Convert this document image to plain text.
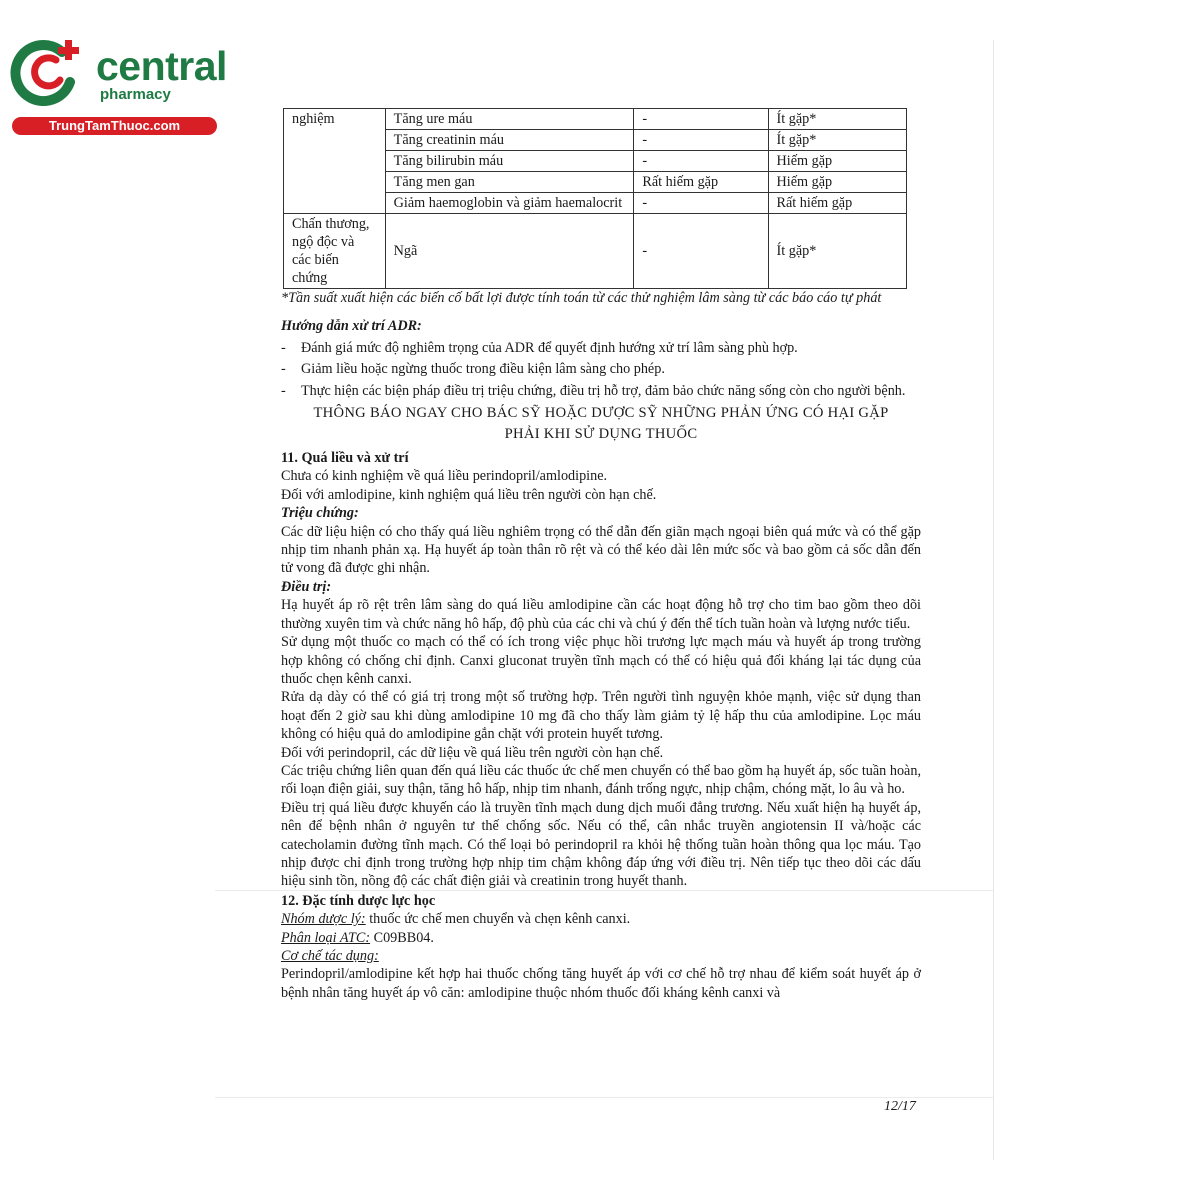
central
pharmacy
TrungTamThuoc.com	nghiệm	Tăng ure máu	-	Ít gặp*
	Tăng creatinin máu	-	Ít gặp*
	Tăng bilirubin máu	-	Hiếm gặp
	Tăng men gan	Rất hiếm gặp	Hiếm gặp
	Giảm haemoglobin và giảm haemalocrit	-	Rất hiếm gặp
Chấn thương, ngộ độc và các biến chứng	Ngã	-	Ít gặp*

*Tần suất xuất hiện các biến cố bất lợi được tính toán từ các thử nghiệm lâm sàng từ các báo cáo tự phát

Hướng dẫn xử trí ADR:
- Đánh giá mức độ nghiêm trọng của ADR để quyết định hướng xử trí lâm sàng phù hợp.
- Giảm liều hoặc ngừng thuốc trong điều kiện lâm sàng cho phép.
- Thực hiện các biện pháp điều trị triệu chứng, điều trị hỗ trợ, đảm bảo chức năng sống còn cho người bệnh.
THÔNG BÁO NGAY CHO BÁC SỸ HOẶC DƯỢC SỸ NHỮNG PHẢN ỨNG CÓ HẠI GẶP
PHẢI KHI SỬ DỤNG THUỐC
11. Quá liều và xử trí

Chưa có kinh nghiệm về quá liều perindopril/amlodipine.

Đối với amlodipine, kinh nghiệm quá liều trên người còn hạn chế.

Triệu chứng:

Các dữ liệu hiện có cho thấy quá liều nghiêm trọng có thể dẫn đến giãn mạch ngoại biên quá mức và có thể gặp nhịp tim nhanh phản xạ. Hạ huyết áp toàn thân rõ rệt và có thể kéo dài lên mức sốc và bao gồm cả sốc dẫn đến tử vong đã được ghi nhận.

Điều trị:

Hạ huyết áp rõ rệt trên lâm sàng do quá liều amlodipine cần các hoạt động hỗ trợ cho tim bao gồm theo dõi thường xuyên tim và chức năng hô hấp, độ phù của các chi và chú ý đến thể tích tuần hoàn và lượng nước tiểu.

Sử dụng một thuốc co mạch có thể có ích trong việc phục hồi trương lực mạch máu và huyết áp trong trường hợp không có chống chỉ định. Canxi gluconat truyền tĩnh mạch có thể có hiệu quả đối kháng lại tác dụng của thuốc chẹn kênh canxi.

Rửa dạ dày có thể có giá trị trong một số trường hợp. Trên người tình nguyện khỏe mạnh, việc sử dụng than hoạt đến 2 giờ sau khi dùng amlodipine 10 mg đã cho thấy làm giảm tỷ lệ hấp thu của amlodipine. Lọc máu không có hiệu quả do amlodipine gắn chặt với protein huyết tương.

Đối với perindopril, các dữ liệu về quá liều trên người còn hạn chế.

Các triệu chứng liên quan đến quá liều các thuốc ức chế men chuyển có thể bao gồm hạ huyết áp, sốc tuần hoàn, rối loạn điện giải, suy thận, tăng hô hấp, nhịp tim nhanh, đánh trống ngực, nhịp chậm, chóng mặt, lo âu và ho.

Điều trị quá liều được khuyến cáo là truyền tĩnh mạch dung dịch muối đẳng trương. Nếu xuất hiện hạ huyết áp, nên để bệnh nhân ở nguyên tư thế chống sốc. Nếu có thể, cân nhắc truyền angiotensin II và/hoặc các catecholamin đường tĩnh mạch. Có thể loại bỏ perindopril ra khỏi hệ thống tuần hoàn thông qua lọc máu. Tạo nhịp được chỉ định trong trường hợp nhịp tim chậm không đáp ứng với điều trị. Nên tiếp tục theo dõi các dấu hiệu sinh tồn, nồng độ các chất điện giải và creatinin trong huyết thanh.

12. Đặc tính dược lực học

Nhóm dược lý: thuốc ức chế men chuyển và chẹn kênh canxi.

Phân loại ATC: C09BB04.

Cơ chế tác dụng:

Perindopril/amlodipine kết hợp hai thuốc chống tăng huyết áp với cơ chế hỗ trợ nhau để kiểm soát huyết áp ở bệnh nhân tăng huyết áp vô căn: amlodipine thuộc nhóm thuốc đối kháng kênh canxi và

12/17
